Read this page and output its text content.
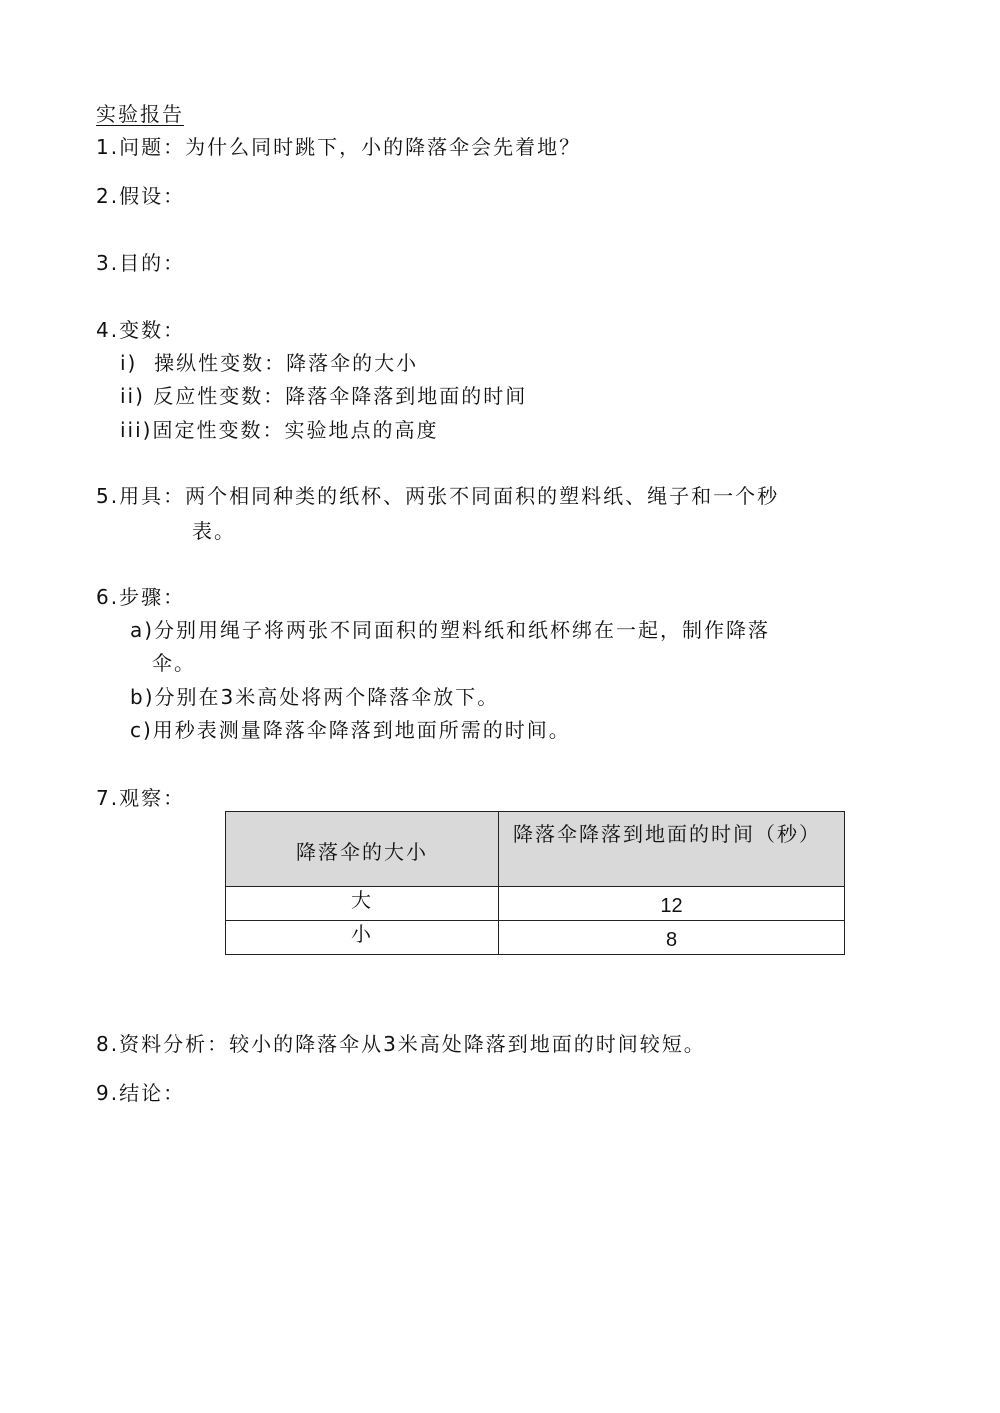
实验报告
1.问题：为什么同时跳下，小的降落伞会先着地？
2.假设：
3.目的：
4.变数：
i)  操纵性变数：降落伞的大小
ii) 反应性变数：降落伞降落到地面的时间
iii)固定性变数：实验地点的高度
5.用具：两个相同种类的纸杯、两张不同面积的塑料纸、绳子和一个秒
表。
6.步骤：
a)分别用绳子将两张不同面积的塑料纸和纸杯绑在一起，制作降落
伞。
b)分别在3米高处将两个降落伞放下。
c)用秒表测量降落伞降落到地面所需的时间。
7.观察：
降落伞的大小	降落伞降落到地面的时间（秒）
大	12
小	8
8.资料分析：较小的降落伞从3米高处降落到地面的时间较短。
9.结论：
